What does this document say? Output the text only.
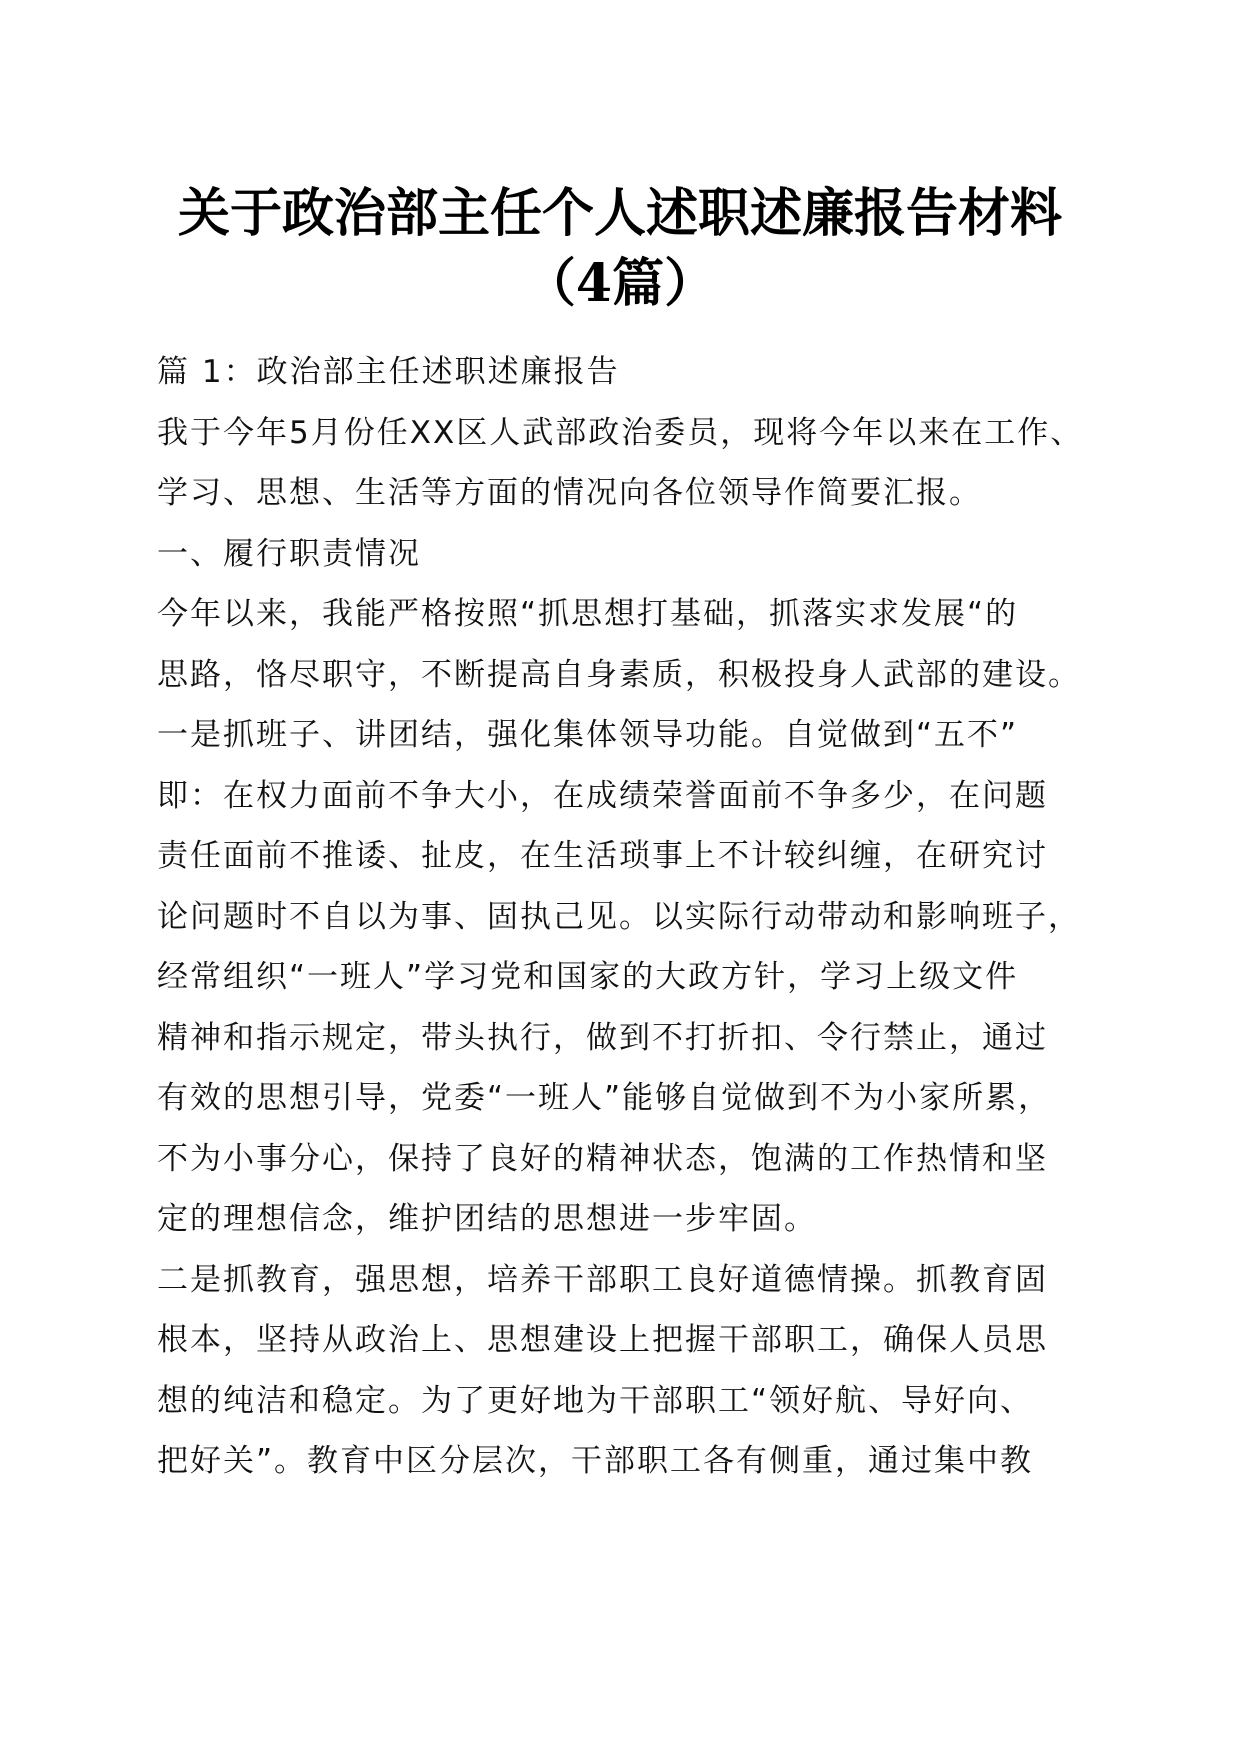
关于政治部主任个人述职述廉报告材料
（4篇）

篇 1：政治部主任述职述廉报告

我于今年5月份任XX区人武部政治委员，现将今年以来在工作、

学习、思想、生活等方面的情况向各位领导作简要汇报。

一、履行职责情况

今年以来，我能严格按照“抓思想打基础，抓落实求发展“的

思路，恪尽职守，不断提高自身素质，积极投身人武部的建设。

一是抓班子、讲团结，强化集体领导功能。自觉做到“五不”

即：在权力面前不争大小，在成绩荣誉面前不争多少，在问题

责任面前不推诿、扯皮，在生活琐事上不计较纠缠，在研究讨

论问题时不自以为事、固执己见。以实际行动带动和影响班子，

经常组织“一班人”学习党和国家的大政方针，学习上级文件

精神和指示规定，带头执行，做到不打折扣、令行禁止，通过

有效的思想引导，党委“一班人”能够自觉做到不为小家所累，

不为小事分心，保持了良好的精神状态，饱满的工作热情和坚

定的理想信念，维护团结的思想进一步牢固。

二是抓教育，强思想，培养干部职工良好道德情操。抓教育固

根本，坚持从政治上、思想建设上把握干部职工，确保人员思

想的纯洁和稳定。为了更好地为干部职工“领好航、导好向、

把好关”。教育中区分层次，干部职工各有侧重，通过集中教
